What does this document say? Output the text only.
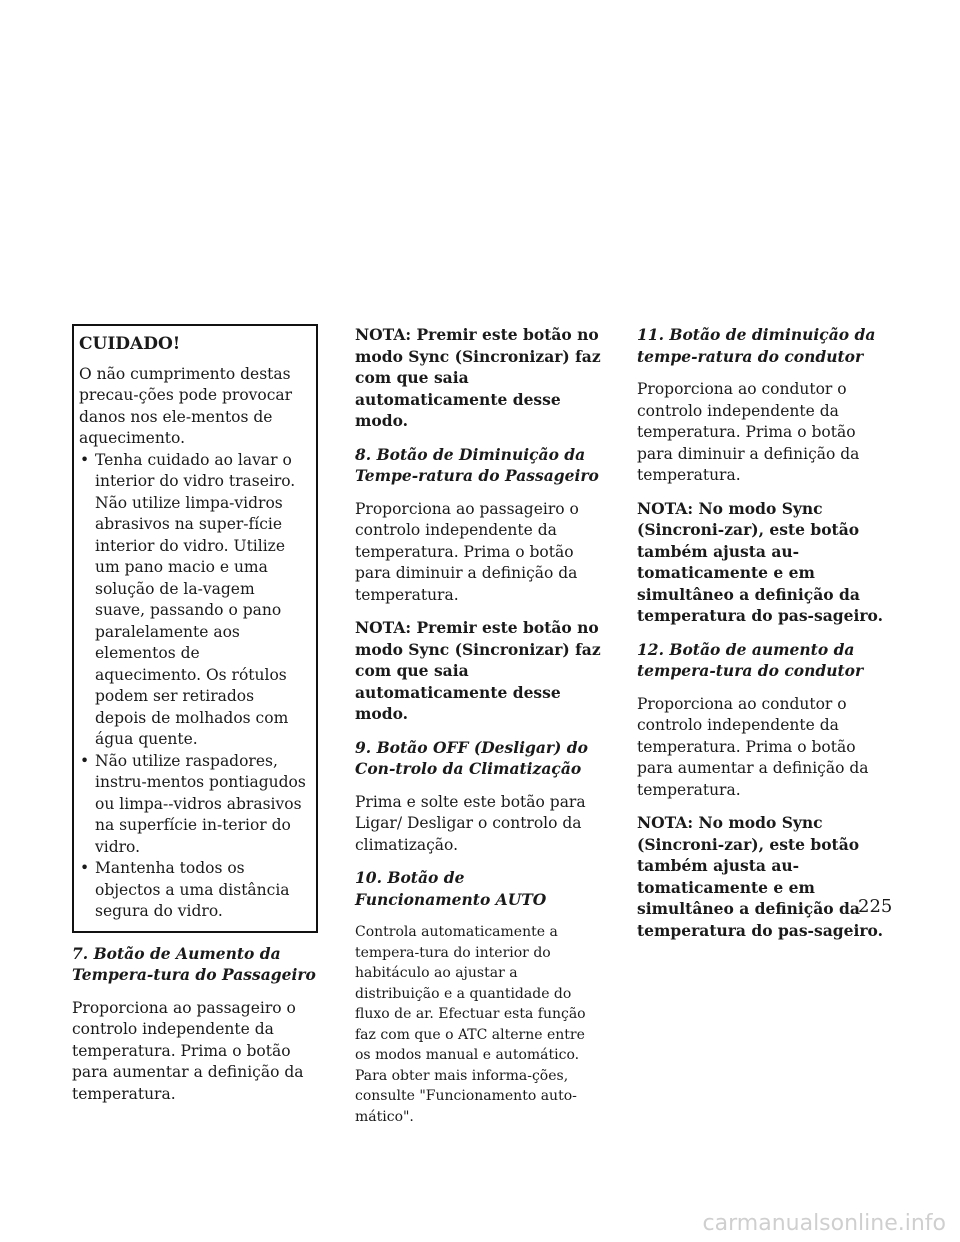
CUIDADO!

O não cumprimento destas precau-ções pode provocar danos nos ele-mentos de aquecimento.

• Tenha cuidado ao lavar o interior do vidro traseiro. Não utilize limpa-vidros abrasivos na super-fície interior do vidro. Utilize um pano macio e uma solução de la-vagem suave, passando o pano paralelamente aos elementos de aquecimento. Os rótulos podem ser retirados depois de molhados com água quente.
• Não utilize raspadores, instru-mentos pontiagudos ou limpa--vidros abrasivos na superfície in-terior do vidro.
• Mantenha todos os objectos a uma distância segura do vidro.

7. Botão de Aumento da Tempera-tura do Passageiro

Proporciona ao passageiro o controlo independente da temperatura. Prima o botão para aumentar a definição da temperatura.

NOTA: Premir este botão no modo Sync (Sincronizar) faz com que saia automaticamente desse modo.

8. Botão de Diminuição da Tempe-ratura do Passageiro

Proporciona ao passageiro o controlo independente da temperatura. Prima o botão para diminuir a definição da temperatura.

NOTA: Premir este botão no modo Sync (Sincronizar) faz com que saia automaticamente desse modo.

9. Botão OFF (Desligar) do Con-trolo da Climatização

Prima e solte este botão para Ligar/ Desligar o controlo da climatização.

10. Botão de Funcionamento AUTO

Controla automaticamente a tempera-tura do interior do habitáculo ao ajustar a distribuição e a quantidade do fluxo de ar. Efectuar esta função faz com que o ATC alterne entre os modos manual e automático. Para obter mais informa-ções, consulte "Funcionamento auto-mático".

11. Botão de diminuição da tempe-ratura do condutor

Proporciona ao condutor o controlo independente da temperatura. Prima o botão para diminuir a definição da temperatura.

NOTA: No modo Sync (Sincroni-zar), este botão também ajusta au-tomaticamente e em simultâneo a definição da temperatura do pas-sageiro.

12. Botão de aumento da tempera-tura do condutor

Proporciona ao condutor o controlo independente da temperatura. Prima o botão para aumentar a definição da temperatura.

NOTA: No modo Sync (Sincroni-zar), este botão também ajusta au-tomaticamente e em simultâneo a definição da temperatura do pas-sageiro.

225
carmanualsonline.info
